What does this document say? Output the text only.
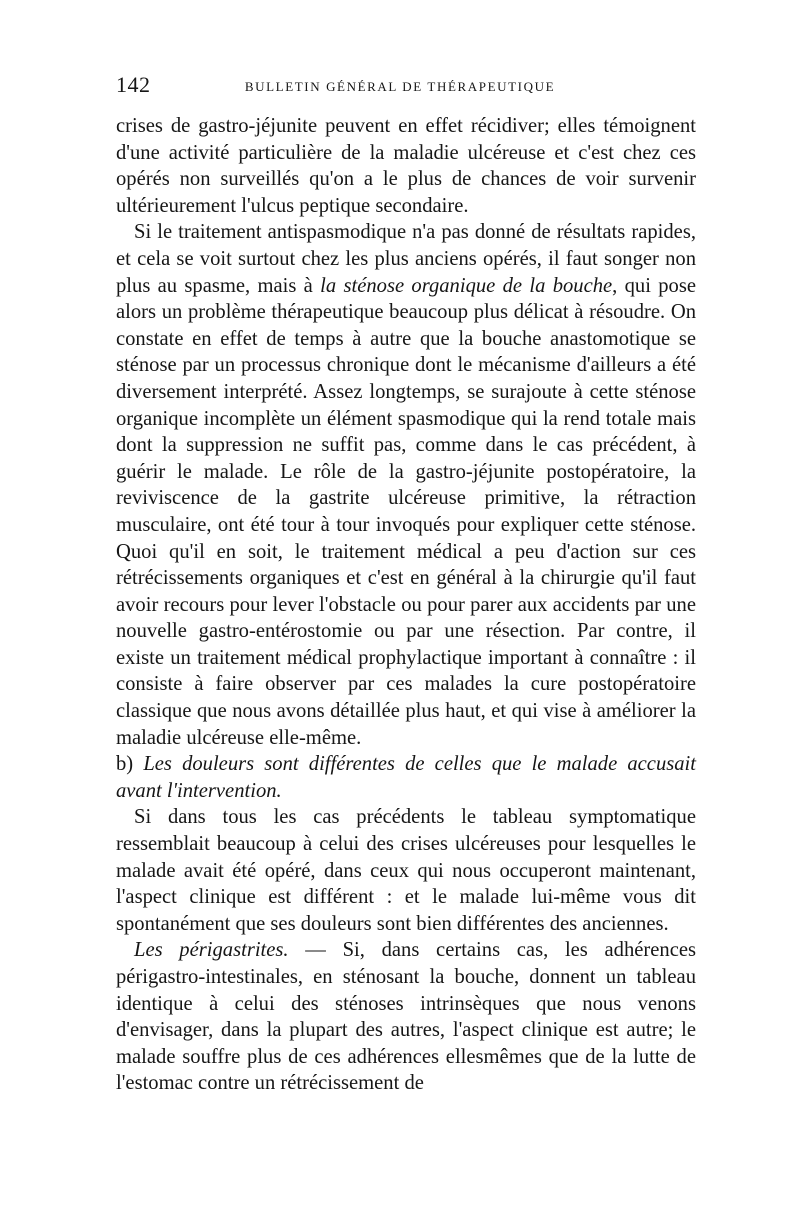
142	BULLETIN GÉNÉRAL DE THÉRAPEUTIQUE

crises de gastro-jéjunite peuvent en effet récidiver; elles témoignent d'une activité particulière de la maladie ulcéreuse et c'est chez ces opérés non surveillés qu'on a le plus de chances de voir survenir ultérieurement l'ulcus peptique secondaire.

Si le traitement antispasmodique n'a pas donné de résultats rapides, et cela se voit surtout chez les plus anciens opérés, il faut songer non plus au spasme, mais à la sténose organique de la bouche, qui pose alors un problème thérapeutique beaucoup plus délicat à résoudre. On constate en effet de temps à autre que la bouche anastomotique se sténose par un processus chronique dont le mécanisme d'ailleurs a été diversement interprété. Assez longtemps, se surajoute à cette sténose organique incomplète un élément spasmodique qui la rend totale mais dont la suppression ne suffit pas, comme dans le cas précédent, à guérir le malade. Le rôle de la gastro-jéjunite postopératoire, la reviviscence de la gastrite ulcéreuse primitive, la rétraction musculaire, ont été tour à tour invoqués pour expliquer cette sténose. Quoi qu'il en soit, le traitement médical a peu d'action sur ces rétrécissements organiques et c'est en général à la chirurgie qu'il faut avoir recours pour lever l'obstacle ou pour parer aux accidents par une nouvelle gastro-entérostomie ou par une résection. Par contre, il existe un traitement médical prophylactique important à connaître : il consiste à faire observer par ces malades la cure postopératoire classique que nous avons détaillée plus haut, et qui vise à améliorer la maladie ulcéreuse elle-même.

b) Les douleurs sont différentes de celles que le malade accusait avant l'intervention.

Si dans tous les cas précédents le tableau symptomatique ressemblait beaucoup à celui des crises ulcéreuses pour lesquelles le malade avait été opéré, dans ceux qui nous occuperont maintenant, l'aspect clinique est différent : et le malade lui-même vous dit spontanément que ses douleurs sont bien différentes des anciennes.

Les périgastrites. — Si, dans certains cas, les adhérences périgastro-intestinales, en sténosant la bouche, donnent un tableau identique à celui des sténoses intrinsèques que nous venons d'envisager, dans la plupart des autres, l'aspect clinique est autre; le malade souffre plus de ces adhérences ellesmêmes que de la lutte de l'estomac contre un rétrécissement de
